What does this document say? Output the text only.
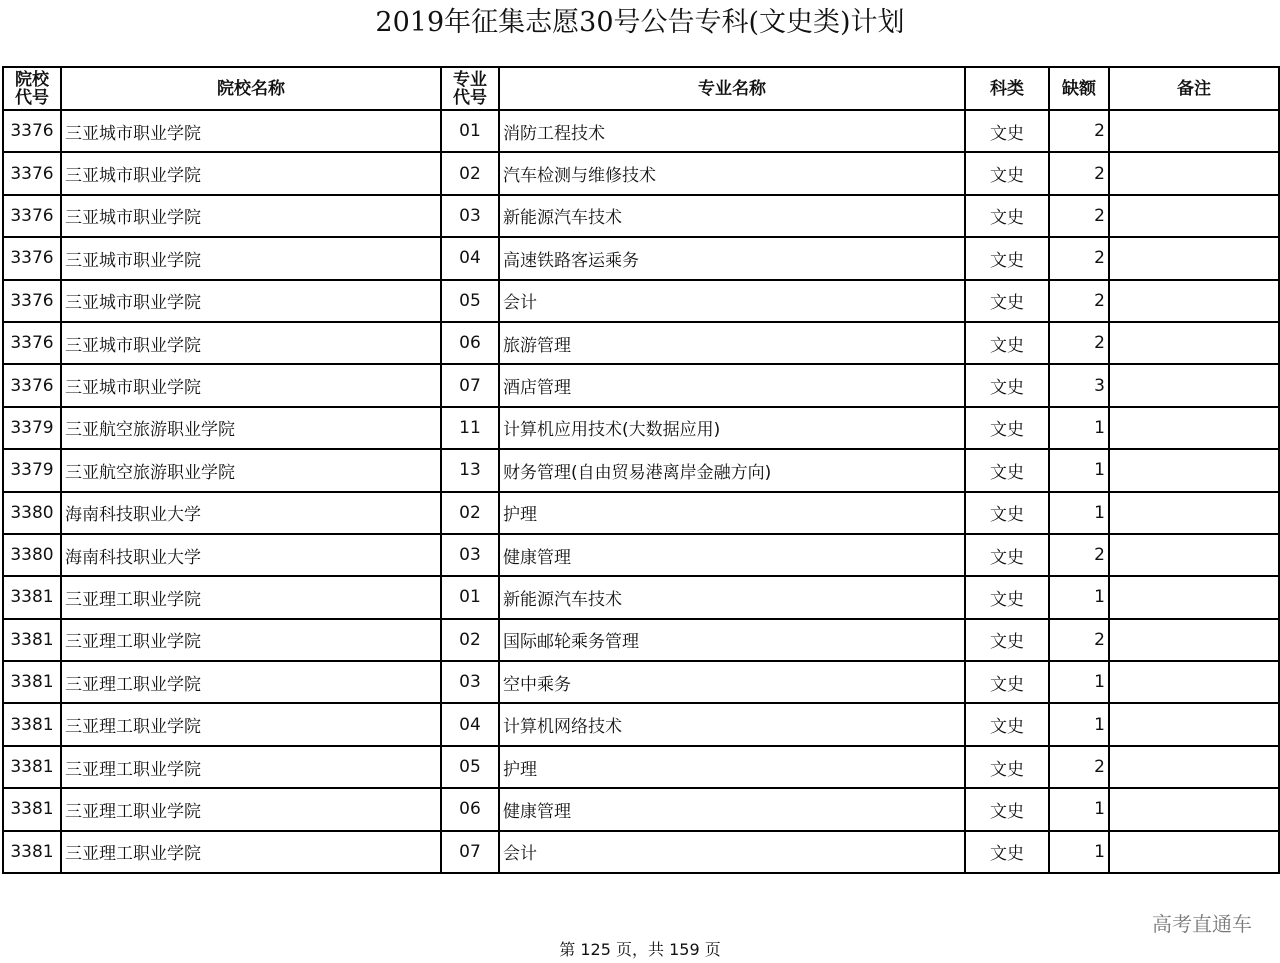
2019年征集志愿30号公告专科(文史类)计划
院校代号	院校名称	专业代号	专业名称	科类	缺额	备注
3376	三亚城市职业学院	01	消防工程技术	文史	2	
3376	三亚城市职业学院	02	汽车检测与维修技术	文史	2	
3376	三亚城市职业学院	03	新能源汽车技术	文史	2	
3376	三亚城市职业学院	04	高速铁路客运乘务	文史	2	
3376	三亚城市职业学院	05	会计	文史	2	
3376	三亚城市职业学院	06	旅游管理	文史	2	
3376	三亚城市职业学院	07	酒店管理	文史	3	
3379	三亚航空旅游职业学院	11	计算机应用技术(大数据应用)	文史	1	
3379	三亚航空旅游职业学院	13	财务管理(自由贸易港离岸金融方向)	文史	1	
3380	海南科技职业大学	02	护理	文史	1	
3380	海南科技职业大学	03	健康管理	文史	2	
3381	三亚理工职业学院	01	新能源汽车技术	文史	1	
3381	三亚理工职业学院	02	国际邮轮乘务管理	文史	2	
3381	三亚理工职业学院	03	空中乘务	文史	1	
3381	三亚理工职业学院	04	计算机网络技术	文史	1	
3381	三亚理工职业学院	05	护理	文史	2	
3381	三亚理工职业学院	06	健康管理	文史	1	
3381	三亚理工职业学院	07	会计	文史	1	
高考直通车
第 125 页，共 159 页
